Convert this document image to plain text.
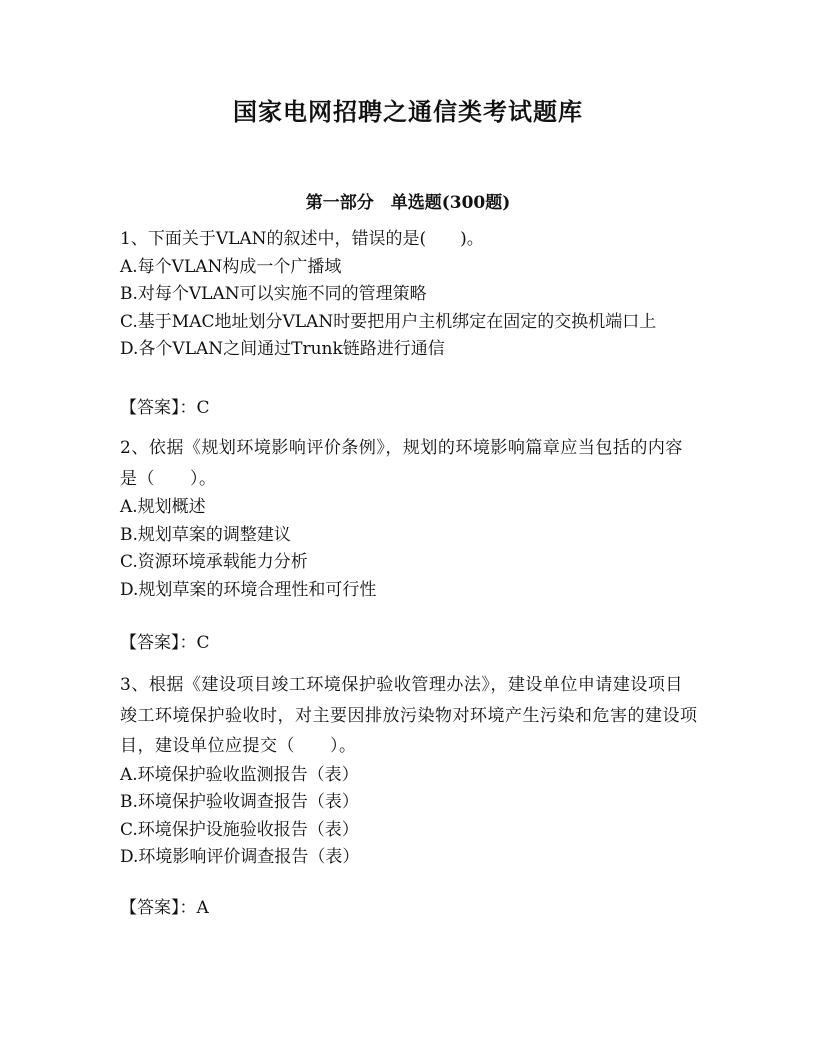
国家电网招聘之通信类考试题库
第一部分　单选题(300题)
1、下面关于VLAN的叙述中，错误的是(　　)。
A.每个VLAN构成一个广播域
B.对每个VLAN可以实施不同的管理策略
C.基于MAC地址划分VLAN时要把用户主机绑定在固定的交换机端口上
D.各个VLAN之间通过Trunk链路进行通信
【答案】：C
2、依据《规划环境影响评价条例》，规划的环境影响篇章应当包括的内容是（　　）。
A.规划概述
B.规划草案的调整建议
C.资源环境承载能力分析
D.规划草案的环境合理性和可行性
【答案】：C
3、根据《建设项目竣工环境保护验收管理办法》，建设单位申请建设项目竣工环境保护验收时，对主要因排放污染物对环境产生污染和危害的建设项目，建设单位应提交（　　）。
A.环境保护验收监测报告（表）
B.环境保护验收调查报告（表）
C.环境保护设施验收报告（表）
D.环境影响评价调查报告（表）
【答案】：A
